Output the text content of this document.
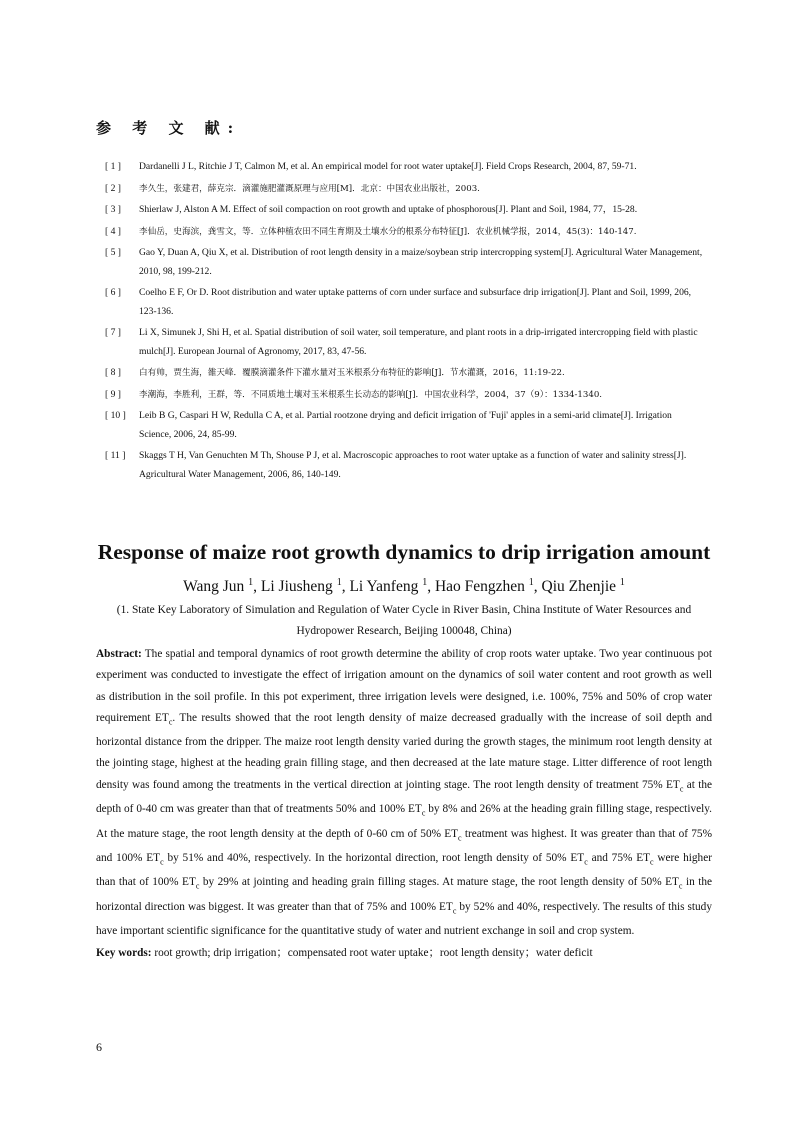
参 考 文 献:
[ 1 ]	Dardanelli J L, Ritchie J T, Calmon M, et al. An empirical model for root water uptake[J]. Field Crops Research, 2004, 87, 59-71.
[ 2 ]	李久生，张建君，薛克宗．滴灌施肥灌溉原理与应用[M]．北京：中国农业出版社，2003.
[ 3 ]	Shierlaw J, Alston A M. Effect of soil compaction on root growth and uptake of phosphorous[J]. Plant and Soil, 1984, 77，15-28.
[ 4 ]	李仙岳，史海滨，龚雪文，等．立体种植农田不同生育期及土壤水分的根系分布特征[J]．农业机械学报，2014，45(3)：140-147.
[ 5 ]	Gao Y, Duan A, Qiu X, et al. Distribution of root length density in a maize/soybean strip intercropping system[J]. Agricultural Water Management, 2010, 98, 199-212.
[ 6 ]	Coelho E F, Or D. Root distribution and water uptake patterns of corn under surface and subsurface drip irrigation[J]. Plant and Soil, 1999, 206, 123-136.
[ 7 ]	Li X, Simunek J, Shi H, et al. Spatial distribution of soil water, soil temperature, and plant roots in a drip-irrigated intercropping field with plastic mulch[J]. European Journal of Agronomy, 2017, 83, 47-56.
[ 8 ]	白有帅，贾生海，雒天峰．覆膜滴灌条件下灌水量对玉米根系分布特征的影响[J]．节水灌溉，2016，11:19-22.
[ 9 ]	李潮海，李胜利，王群，等．不同质地土壤对玉米根系生长动态的影响[J]．中国农业科学，2004，37（9）：1334-1340.
[ 10 ]	Leib B G, Caspari H W, Redulla C A, et al. Partial rootzone drying and deficit irrigation of 'Fuji' apples in a semi-arid climate[J]. Irrigation Science, 2006, 24, 85-99.
[ 11 ]	Skaggs T H, Van Genuchten M Th, Shouse P J, et al. Macroscopic approaches to root water uptake as a function of water and salinity stress[J]. Agricultural Water Management, 2006, 86, 140-149.
Response of maize root growth dynamics to drip irrigation amount
Wang Jun $^1$, Li Jiusheng $^1$, Li Yanfeng $^1$, Hao Fengzhen $^1$, Qiu Zhenjie $^1$
(1. State Key Laboratory of Simulation and Regulation of Water Cycle in River Basin, China Institute of Water Resources and Hydropower Research, Beijing 100048, China)
Abstract: The spatial and temporal dynamics of root growth determine the ability of crop roots water uptake. Two year continuous pot experiment was conducted to investigate the effect of irrigation amount on the dynamics of soil water content and root growth as well as distribution in the soil profile. In this pot experiment, three irrigation levels were designed, i.e. 100%, 75% and 50% of crop water requirement $ET_c$. The results showed that the root length density of maize decreased gradually with the increase of soil depth and horizontal distance from the dripper. The maize root length density varied during the growth stages, the minimum root length density at the jointing stage, highest at the heading grain filling stage, and then decreased at the late mature stage. Litter difference of root length density was found among the treatments in the vertical direction at jointing stage. The root length density of treatment 75% $ET_c$ at the depth of 0-40 cm was greater than that of treatments 50% and 100% $ET_c$ by 8% and 26% at the heading grain filling stage, respectively. At the mature stage, the root length density at the depth of 0-60 cm of 50% $ET_c$ treatment was highest. It was greater than that of 75% and 100% $ET_c$ by 51% and 40%, respectively. In the horizontal direction, root length density of 50% $ET_c$ and 75% $ET_c$ were higher than that of 100% $ET_c$ by 29% at jointing and heading grain filling stages. At mature stage, the root length density of 50% $ET_c$ in the horizontal direction was biggest. It was greater than that of 75% and 100% $ET_c$ by 52% and 40%, respectively. The results of this study have important scientific significance for the quantitative study of water and nutrient exchange in soil and crop system.
Key words: root growth; drip irrigation；compensated root water uptake；root length density；water deficit
6
